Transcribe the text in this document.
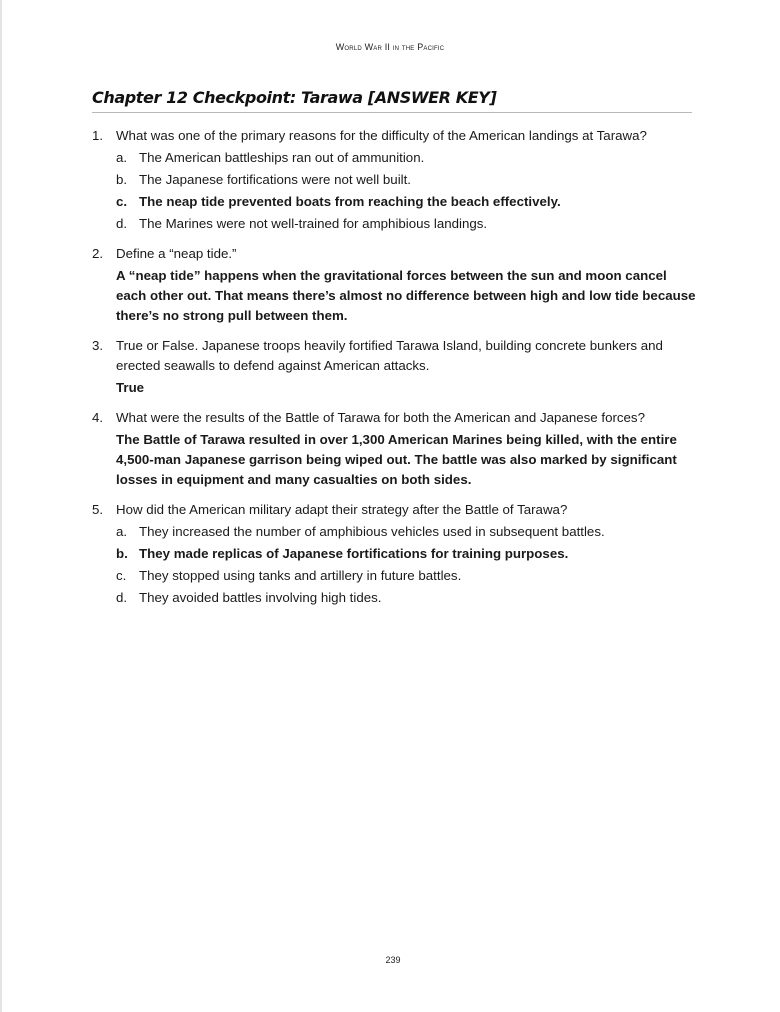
World War II in the Pacific
Chapter 12 Checkpoint: Tarawa [ANSWER KEY]
1. What was one of the primary reasons for the difficulty of the American landings at Tarawa?
a. The American battleships ran out of ammunition.
b. The Japanese fortifications were not well built.
c. The neap tide prevented boats from reaching the beach effectively.
d. The Marines were not well-trained for amphibious landings.
2. Define a “neap tide.”
A “neap tide” happens when the gravitational forces between the sun and moon cancel each other out. That means there’s almost no difference between high and low tide because there’s no strong pull between them.
3. True or False. Japanese troops heavily fortified Tarawa Island, building concrete bunkers and erected seawalls to defend against American attacks.
True
4. What were the results of the Battle of Tarawa for both the American and Japanese forces?
The Battle of Tarawa resulted in over 1,300 American Marines being killed, with the entire 4,500-man Japanese garrison being wiped out. The battle was also marked by significant losses in equipment and many casualties on both sides.
5. How did the American military adapt their strategy after the Battle of Tarawa?
a. They increased the number of amphibious vehicles used in subsequent battles.
b. They made replicas of Japanese fortifications for training purposes.
c. They stopped using tanks and artillery in future battles.
d. They avoided battles involving high tides.
239
